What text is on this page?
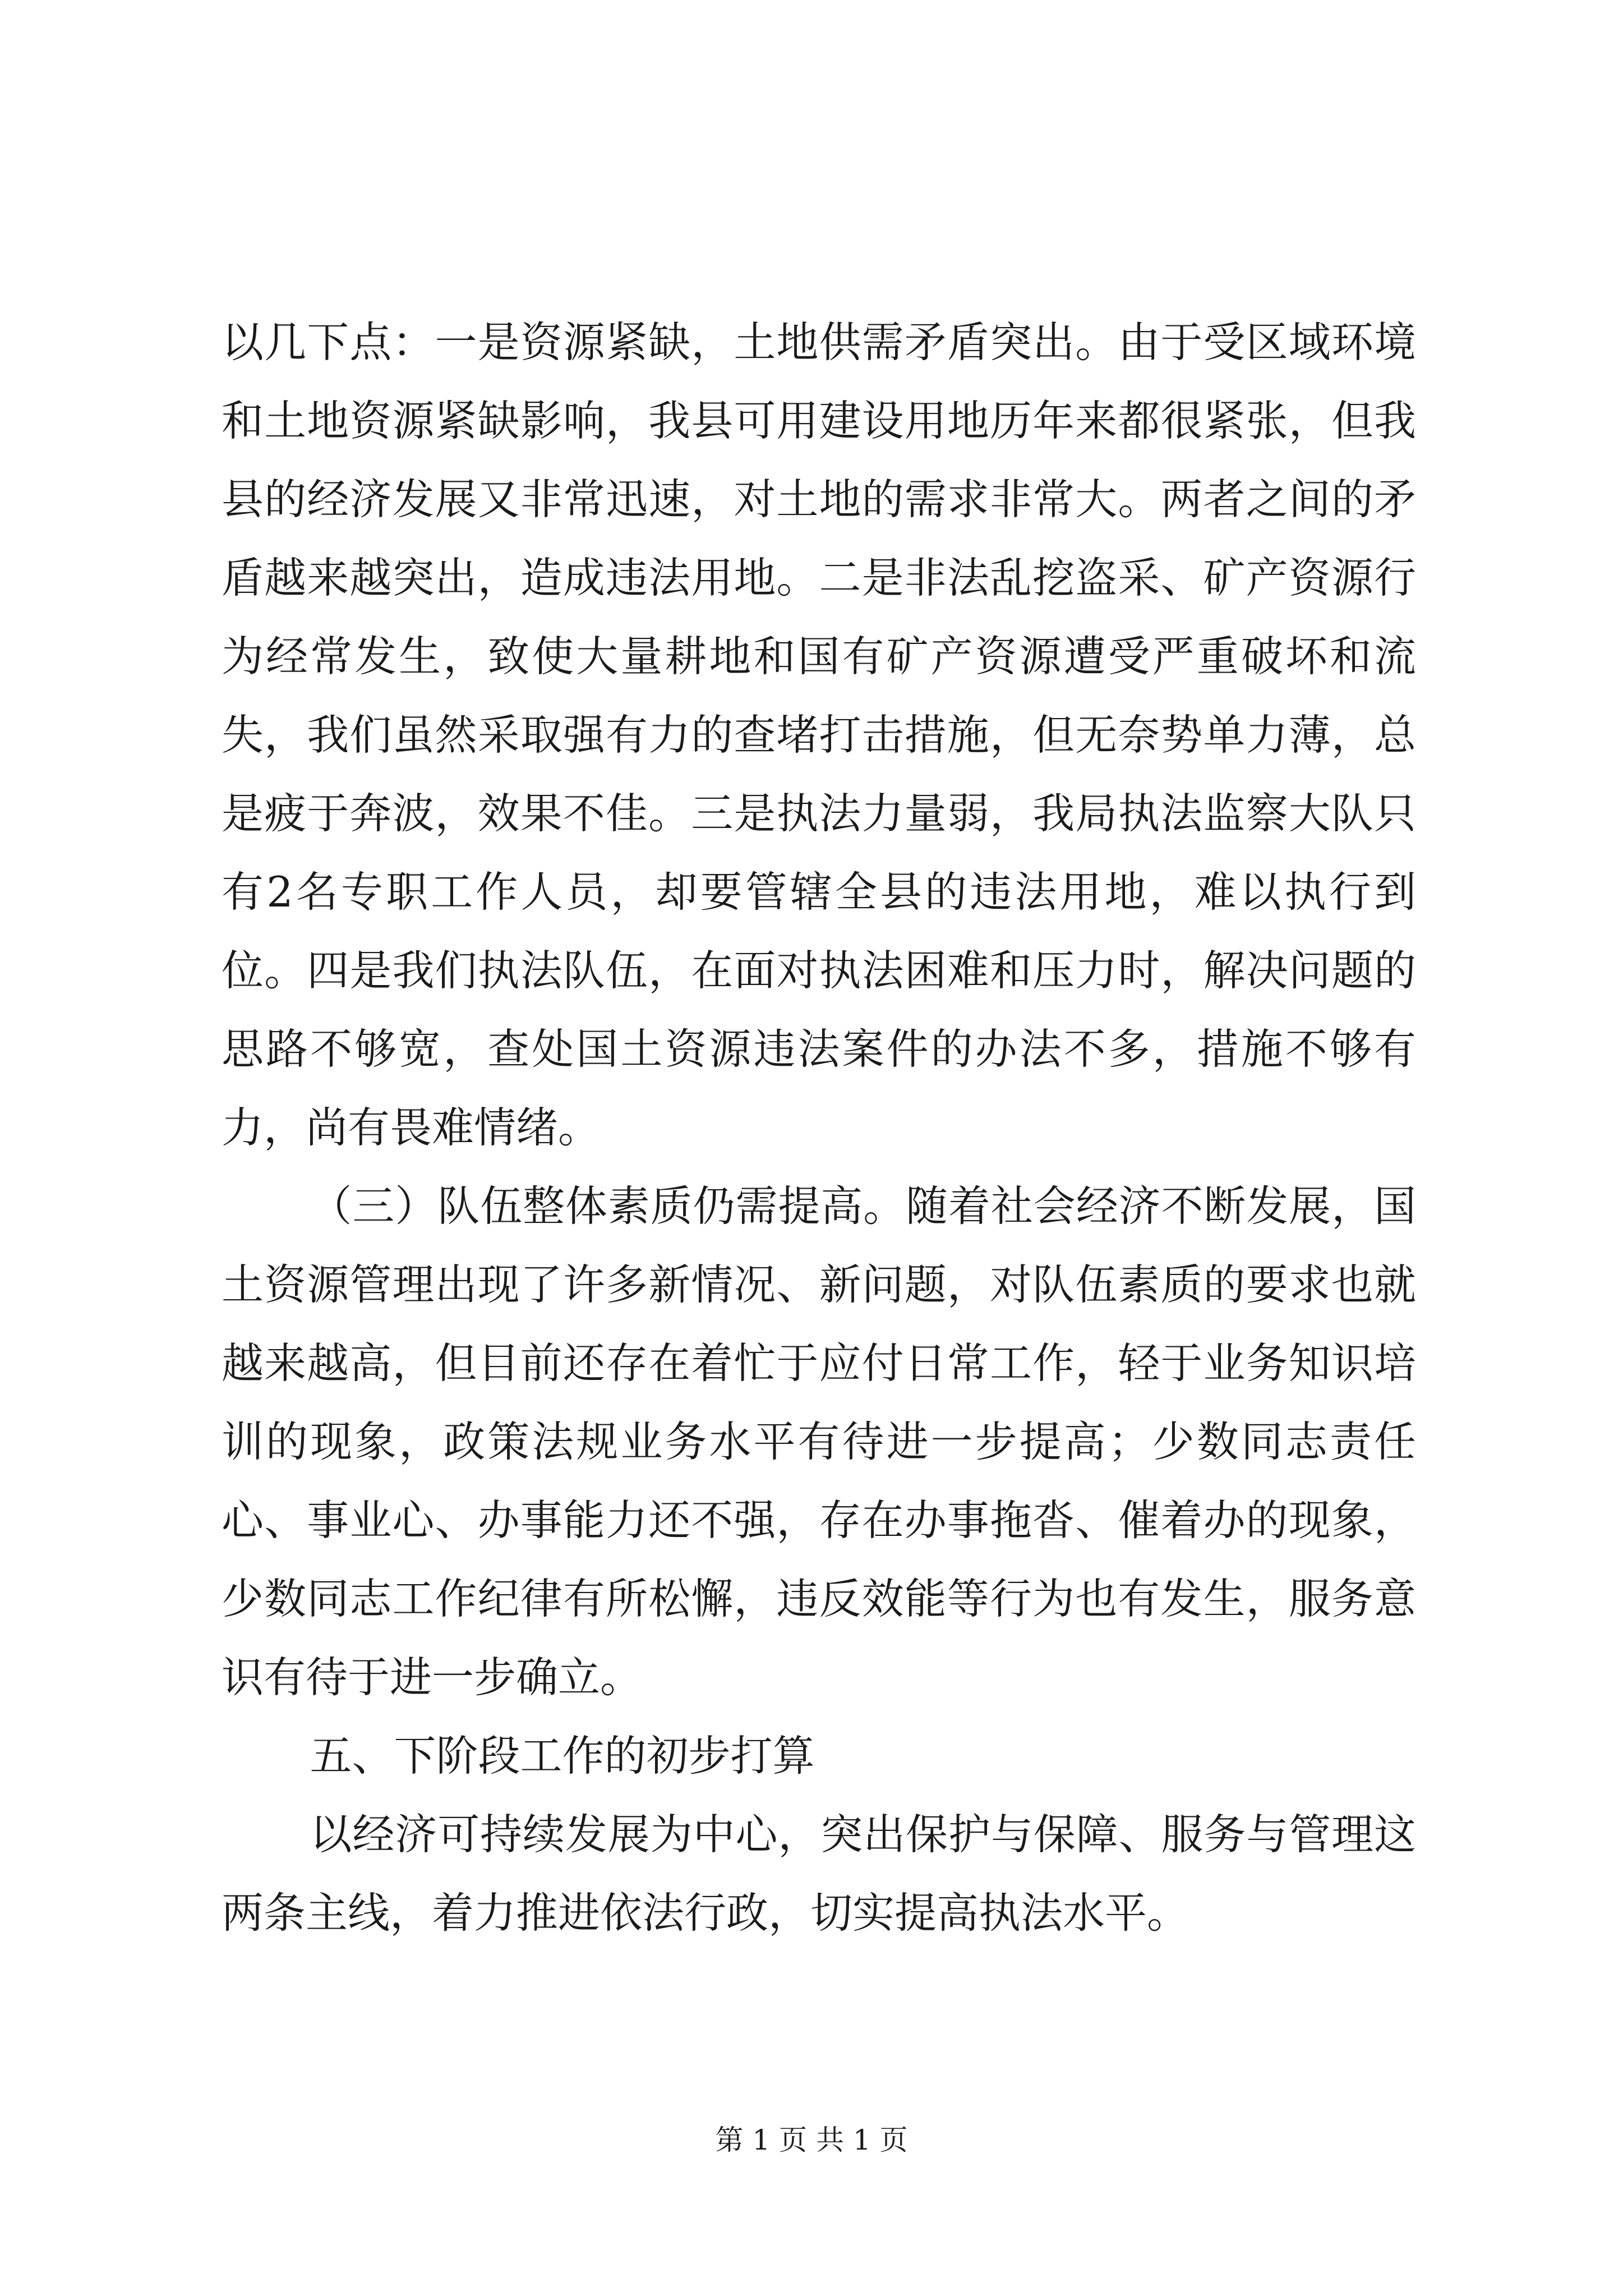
以几下点：一是资源紧缺，土地供需矛盾突出。由于受区域环境和土地资源紧缺影响，我县可用建设用地历年来都很紧张，但我县的经济发展又非常迅速，对土地的需求非常大。两者之间的矛盾越来越突出，造成违法用地。二是非法乱挖盗采、矿产资源行为经常发生，致使大量耕地和国有矿产资源遭受严重破坏和流失，我们虽然采取强有力的查堵打击措施，但无奈势单力薄，总是疲于奔波，效果不佳。三是执法力量弱，我局执法监察大队只有2名专职工作人员，却要管辖全县的违法用地，难以执行到位。四是我们执法队伍，在面对执法困难和压力时，解决问题的思路不够宽，查处国土资源违法案件的办法不多，措施不够有力，尚有畏难情绪。

（三）队伍整体素质仍需提高。随着社会经济不断发展，国土资源管理出现了许多新情况、新问题，对队伍素质的要求也就越来越高，但目前还存在着忙于应付日常工作，轻于业务知识培训的现象，政策法规业务水平有待进一步提高；少数同志责任心、事业心、办事能力还不强，存在办事拖沓、催着办的现象，少数同志工作纪律有所松懈，违反效能等行为也有发生，服务意识有待于进一步确立。

五、下阶段工作的初步打算

以经济可持续发展为中心，突出保护与保障、服务与管理这两条主线，着力推进依法行政，切实提高执法水平。

第 1 页 共 1 页
